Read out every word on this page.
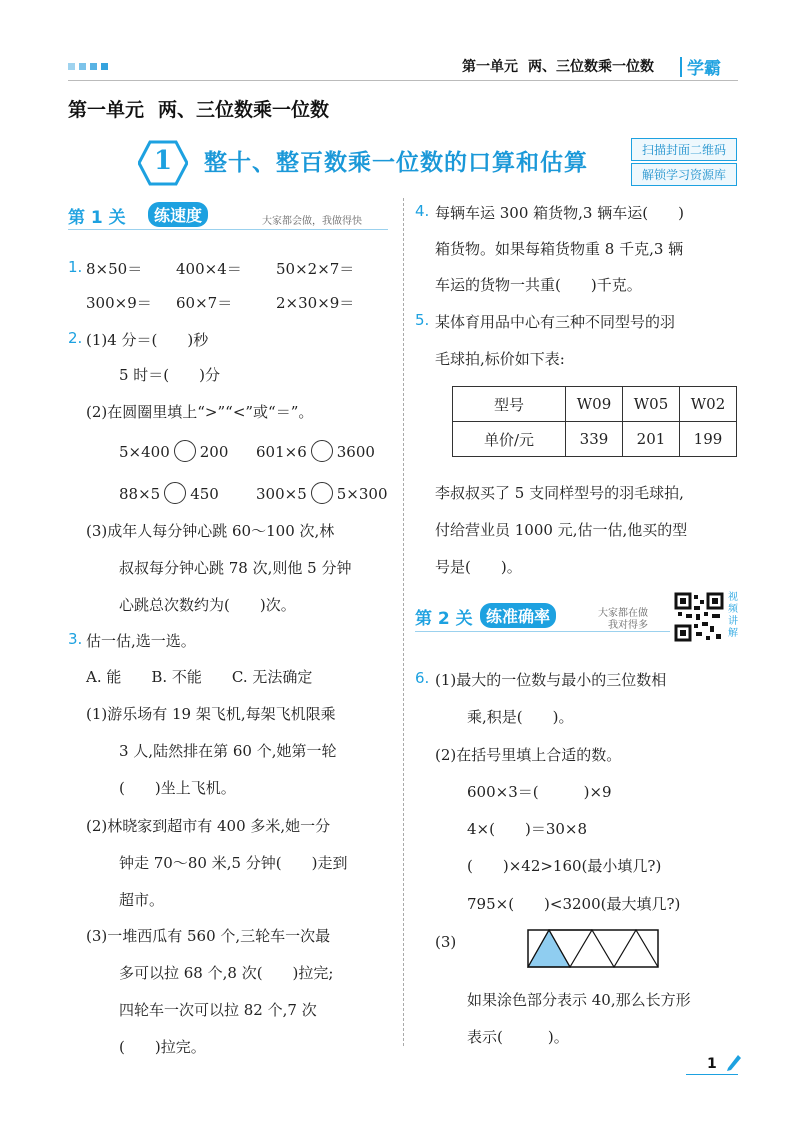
第一单元 两、三位数乘一位数 学霸
第一单元 两、三位数乘一位数
1 整十、整百数乘一位数的口算和估算	扫描封面二维码
解锁学习资源库
第 1 关	练速度	大家都会做，我做得快
1. 8×50＝ 400×4＝ 50×2×7＝
300×9＝ 60×7＝	2×30×9＝
2. (1)4 分＝(　　)秒
5 时＝(　　)分
(2)在圆圈里填上“>”“<”或“＝”。
5×400 200 601×6 3600
88×5 450 300×5 5×300
(3)成年人每分钟心跳 60～100 次,林
叔叔每分钟心跳 78 次,则他 5 分钟
心跳总次数约为(　　)次。
3. 估一估,选一选。
A. 能　　B. 不能　　C. 无法确定
(1)游乐场有 19 架飞机,每架飞机限乘
3 人,陆然排在第 60 个,她第一轮
(　　)坐上飞机。
(2)林晓家到超市有 400 多米,她一分
钟走 70～80 米,5 分钟(　　)走到
超市。
(3)一堆西瓜有 560 个,三轮车一次最
多可以拉 68 个,8 次(　　)拉完;
四轮车一次可以拉 82 个,7 次
(　　)拉完。
4. 每辆车运 300 箱货物,3 辆车运(　　)
箱货物。如果每箱货物重 8 千克,3 辆
车运的货物一共重(　　)千克。
5. 某体育用品中心有三种不同型号的羽
毛球拍,标价如下表:
型号	W09	W05	W02
单价/元	339	201	199
李叔叔买了 5 支同样型号的羽毛球拍,
付给营业员 1000 元,估一估,他买的型
号是(　　)。
第 2 关 练准确率	大家都在做
我对得多
视频讲解
6. (1)最大的一位数与最小的三位数相
乘,积是(　　)。
(2)在括号里填上合适的数。
600×3＝(　　　)×9
4×(　　)＝30×8
(　　)×42>160(最小填几?)
795×(　　)<3200(最大填几?)
(3)
如果涂色部分表示 40,那么长方形
表示(　　　)。
1
